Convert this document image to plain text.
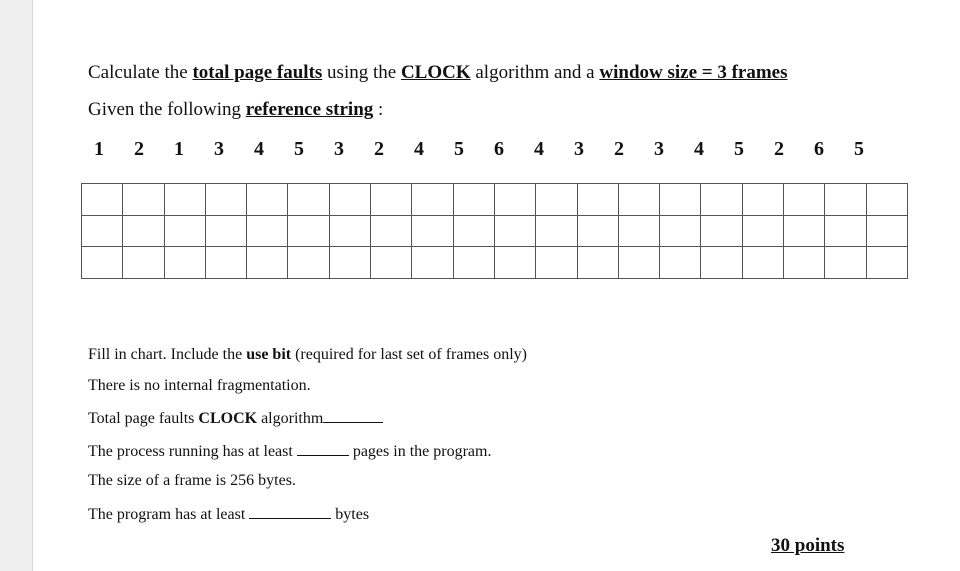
Calculate the total page faults using the CLOCK algorithm and a window size = 3 frames
Given the following reference string :
1	2	1	3	4	5	3	2	4	5	6	4	3	2	3	4	5	2	6	5

Fill in chart. Include the use bit (required for last set of frames only)
There is no internal fragmentation.
Total page faults CLOCK algorithm
The process running has at least	pages in the program.
The size of a frame is 256 bytes.
The program has at least	bytes
30 points
